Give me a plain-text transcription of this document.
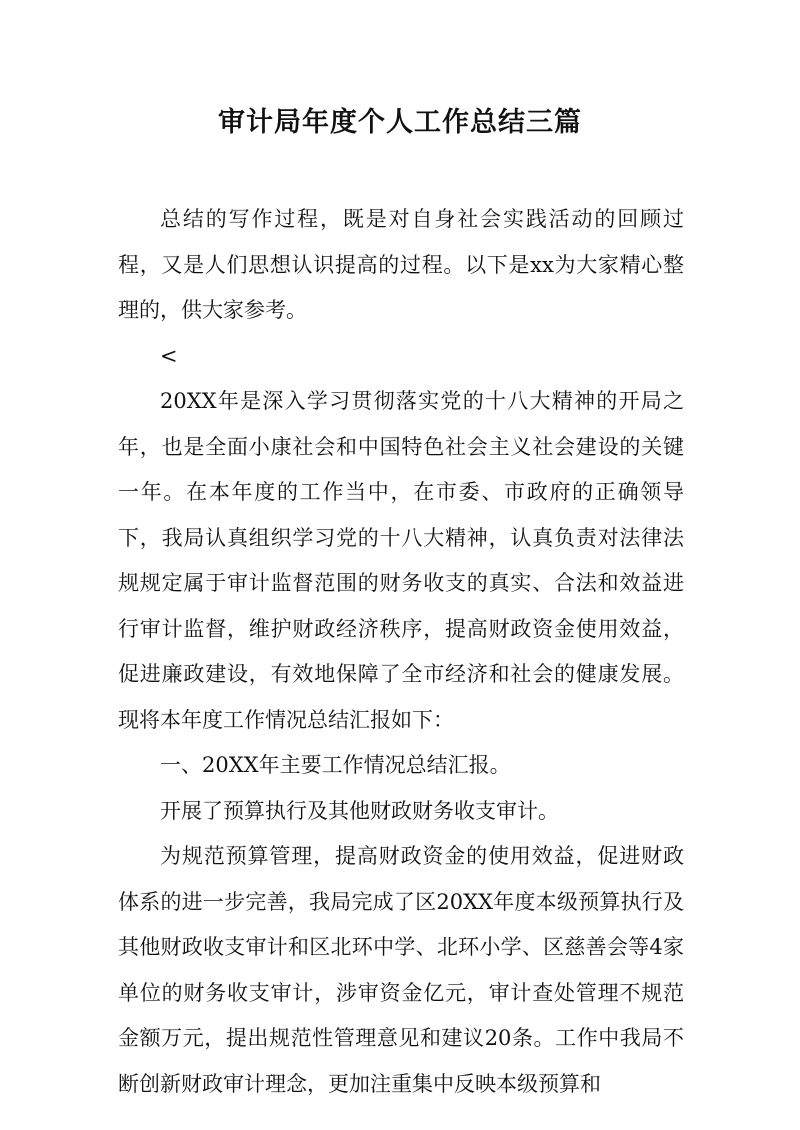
审计局年度个人工作总结三篇

总结的写作过程，既是对自身社会实践活动的回顾过程，又是人们思想认识提高的过程。以下是xx为大家精心整理的，供大家参考。

<

20XX年是深入学习贯彻落实党的十八大精神的开局之年，也是全面小康社会和中国特色社会主义社会建设的关键一年。在本年度的工作当中，在市委、市政府的正确领导下，我局认真组织学习党的十八大精神，认真负责对法律法规规定属于审计监督范围的财务收支的真实、合法和效益进行审计监督，维护财政经济秩序，提高财政资金使用效益，促进廉政建设，有效地保障了全市经济和社会的健康发展。现将本年度工作情况总结汇报如下：

一、20XX年主要工作情况总结汇报。

开展了预算执行及其他财政财务收支审计。

为规范预算管理，提高财政资金的使用效益，促进财政体系的进一步完善，我局完成了区20XX年度本级预算执行及其他财政收支审计和区北环中学、北环小学、区慈善会等4家单位的财务收支审计，涉审资金亿元，审计查处管理不规范金额万元，提出规范性管理意见和建议20条。工作中我局不断创新财政审计理念，更加注重集中反映本级预算和
